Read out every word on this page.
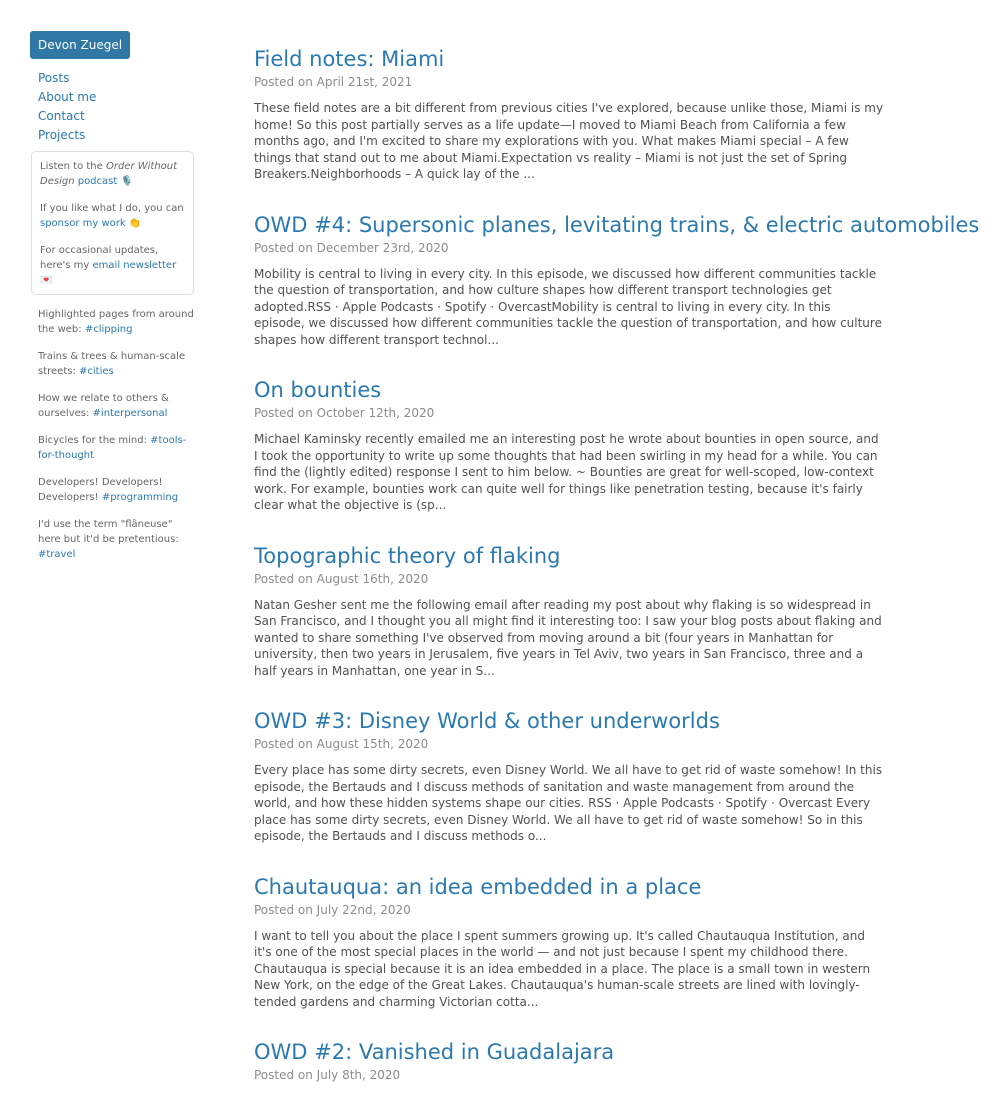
Devon Zuegel
Posts
About me
Contact
Projects

Listen to the Order Without Design podcast 🎙️

If you like what I do, you can sponsor my work 👏

For occasional updates, here's my email newsletter 💌

Highlighted pages from around the web: #clipping

Trains & trees & human-scale streets: #cities

How we relate to others & ourselves: #interpersonal

Bicycles for the mind: #tools-for-thought

Developers! Developers! Developers! #programming

I'd use the term "flâneuse" here but it'd be pretentious: #travel

Field notes: Miami
Posted on April 21st, 2021

These field notes are a bit different from previous cities I've explored, because unlike those, Miami is my home! So this post partially serves as a life update—I moved to Miami Beach from California a few months ago, and I'm excited to share my explorations with you. What makes Miami special – A few things that stand out to me about Miami.Expectation vs reality – Miami is not just the set of Spring Breakers.Neighborhoods – A quick lay of the ...

OWD #4: Supersonic planes, levitating trains, & electric automobiles
Posted on December 23rd, 2020

Mobility is central to living in every city. In this episode, we discussed how different communities tackle the question of transportation, and how culture shapes how different transport technologies get adopted.RSS · Apple Podcasts · Spotify · OvercastMobility is central to living in every city. In this episode, we discussed how different communities tackle the question of transportation, and how culture shapes how different transport technol...

On bounties
Posted on October 12th, 2020

Michael Kaminsky recently emailed me an interesting post he wrote about bounties in open source, and I took the opportunity to write up some thoughts that had been swirling in my head for a while. You can find the (lightly edited) response I sent to him below. ~ Bounties are great for well-scoped, low-context work. For example, bounties work can quite well for things like penetration testing, because it's fairly clear what the objective is (sp...

Topographic theory of flaking
Posted on August 16th, 2020

Natan Gesher sent me the following email after reading my post about why flaking is so widespread in San Francisco, and I thought you all might find it interesting too: I saw your blog posts about flaking and wanted to share something I've observed from moving around a bit (four years in Manhattan for university, then two years in Jerusalem, five years in Tel Aviv, two years in San Francisco, three and a half years in Manhattan, one year in S...

OWD #3: Disney World & other underworlds
Posted on August 15th, 2020

Every place has some dirty secrets, even Disney World. We all have to get rid of waste somehow! In this episode, the Bertauds and I discuss methods of sanitation and waste management from around the world, and how these hidden systems shape our cities. RSS · Apple Podcasts · Spotify · Overcast Every place has some dirty secrets, even Disney World. We all have to get rid of waste somehow! So in this episode, the Bertauds and I discuss methods o...

Chautauqua: an idea embedded in a place
Posted on July 22nd, 2020

I want to tell you about the place I spent summers growing up. It's called Chautauqua Institution, and it's one of the most special places in the world — and not just because I spent my childhood there. Chautauqua is special because it is an idea embedded in a place. The place is a small town in western New York, on the edge of the Great Lakes. Chautauqua's human-scale streets are lined with lovingly-tended gardens and charming Victorian cotta...

OWD #2: Vanished in Guadalajara
Posted on July 8th, 2020
